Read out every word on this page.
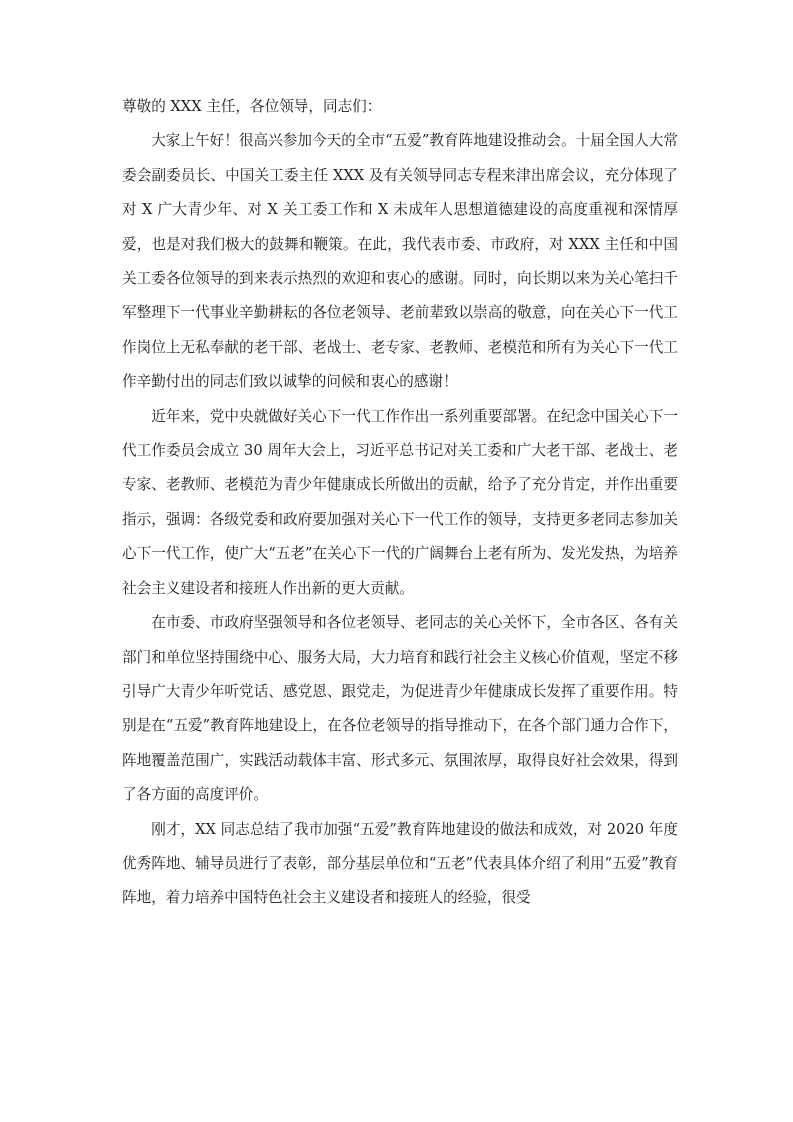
尊敬的 XXX 主任，各位领导，同志们：

大家上午好！很高兴参加今天的全市“五爱”教育阵地建设推动会。十届全国人大常委会副委员长、中国关工委主任 XXX 及有关领导同志专程来津出席会议，充分体现了对 X 广大青少年、对 X 关工委工作和 X 未成年人思想道德建设的高度重视和深情厚爱，也是对我们极大的鼓舞和鞭策。在此，我代表市委、市政府，对 XXX 主任和中国关工委各位领导的到来表示热烈的欢迎和衷心的感谢。同时，向长期以来为关心笔扫千军整理下一代事业辛勤耕耘的各位老领导、老前辈致以崇高的敬意，向在关心下一代工作岗位上无私奉献的老干部、老战士、老专家、老教师、老模范和所有为关心下一代工作辛勤付出的同志们致以诚挚的问候和衷心的感谢！

近年来，党中央就做好关心下一代工作作出一系列重要部署。在纪念中国关心下一代工作委员会成立 30 周年大会上，习近平总书记对关工委和广大老干部、老战士、老专家、老教师、老模范为青少年健康成长所做出的贡献，给予了充分肯定，并作出重要指示，强调：各级党委和政府要加强对关心下一代工作的领导，支持更多老同志参加关心下一代工作，使广大“五老”在关心下一代的广阔舞台上老有所为、发光发热，为培养社会主义建设者和接班人作出新的更大贡献。

在市委、市政府坚强领导和各位老领导、老同志的关心关怀下，全市各区、各有关部门和单位坚持围绕中心、服务大局，大力培育和践行社会主义核心价值观，坚定不移引导广大青少年听党话、感党恩、跟党走，为促进青少年健康成长发挥了重要作用。特别是在“五爱”教育阵地建设上，在各位老领导的指导推动下，在各个部门通力合作下，阵地覆盖范围广，实践活动载体丰富、形式多元、氛围浓厚，取得良好社会效果，得到了各方面的高度评价。

刚才，XX 同志总结了我市加强“五爱”教育阵地建设的做法和成效，对 2020 年度优秀阵地、辅导员进行了表彰，部分基层单位和“五老”代表具体介绍了利用“五爱”教育阵地，着力培养中国特色社会主义建设者和接班人的经验，很受
